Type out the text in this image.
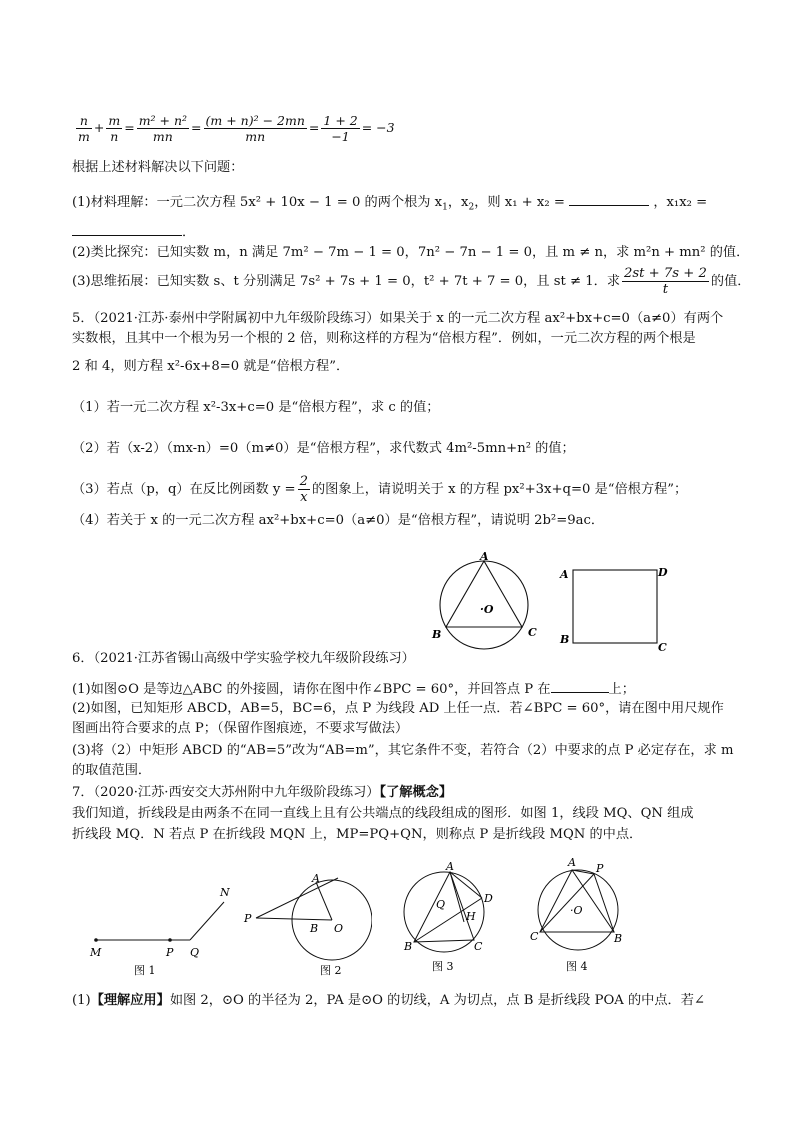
$\frac{n}{m} + \frac{m}{n} = \frac{\text{m² + n²}}{mn} = \frac{\text{(m + n)² − 2mn}}{mn} = \frac{1 + 2}{-1} = -3$
根据上述材料解决以下问题：
(1)材料理解：一元二次方程 5x² + 10x − 1 = 0 的两个根为 $x_1$，$x_2$，则 x₁ + x₂ =	，x₁x₂ =
．
(2)类比探究：已知实数 m，n 满足 7m² − 7m − 1 = 0，7n² − 7n − 1 = 0，且 m ≠ n，求 m²n + mn² 的值．
(3)思维拓展：已知实数 s、t 分别满足 7s² + 7s + 1 = 0，t² + 7t + 7 = 0，且 st ≠ 1．求 $\frac{2st + 7s + 2}{t}$ 的值．
5．（2021·江苏·泰州中学附属初中九年级阶段练习）如果关于 x 的一元二次方程 ax²+bx+c=0（a≠0）有两个
实数根，且其中一个根为另一个根的 2 倍，则称这样的方程为“倍根方程”．例如，一元二次方程的两个根是
2 和 4，则方程 x²-6x+8=0 就是“倍根方程”．
（1）若一元二次方程 x²-3x+c=0 是“倍根方程”，求 c 的值；
（2）若（x-2）（mx-n）=0（m≠0）是“倍根方程”，求代数式 4m²-5mn+n² 的值；
（3）若点（p，q）在反比例函数 $y = \frac{2}{x}$ 的图象上，请说明关于 x 的方程 px²+3x+q=0 是“倍根方程”；
（4）若关于 x 的一元二次方程 ax²+bx+c=0（a≠0）是“倍根方程”，请说明 2b²=9ac．
A
B	C
·O
A	D
B
C
6．（2021·江苏省锡山高级中学实验学校九年级阶段练习）
(1)如图⊙O 是等边△ABC 的外接圆，请你在图中作∠BPC = 60°，并回答点 P 在	上；
(2)如图，已知矩形 ABCD，AB=5，BC=6，点 P 为线段 AD 上任一点．若∠BPC = 60°，请在图中用尺规作
图画出符合要求的点 P；（保留作图痕迹，不要求写做法）
(3)将（2）中矩形 ABCD 的“AB=5”改为“AB=m”，其它条件不变，若符合（2）中要求的点 P 必定存在，求 m
的取值范围．
7．（2020·江苏·西安交大苏州附中九年级阶段练习）【了解概念】
我们知道，折线段是由两条不在同一直线上且有公共端点的线段组成的图形．如图 1，线段 MQ、QN 组成
折线段 MQ．N 若点 P 在折线段 MQN 上，MP=PQ+QN，则称点 P 是折线段 MQN 的中点．
M	P Q
N
图 1
A
P
B O
图 2
A
Q	D
H
B	C
图 3
A P
·O
C	B
图 4
(1)【理解应用】如图 2，⊙O 的半径为 2，PA 是⊙O 的切线，A 为切点，点 B 是折线段 POA 的中点．若∠
